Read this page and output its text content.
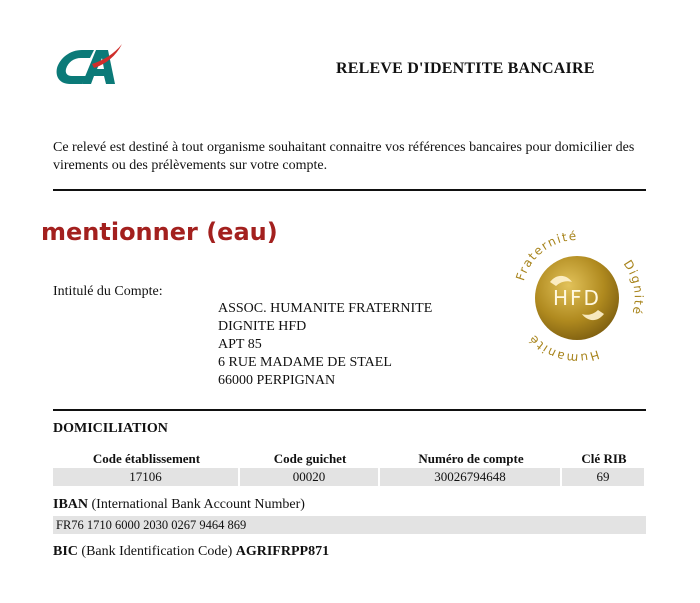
RELEVE D'IDENTITE BANCAIRE
Ce relevé est destiné à tout organisme souhaitant connaitre vos références bancaires pour domicilier des virements ou des prélèvements sur votre compte.
mentionner (eau)
Intitulé du Compte:
ASSOC. HUMANITE FRATERNITE
DIGNITE HFD
APT 85
6 RUE MADAME DE STAEL
66000 PERPIGNAN
HFD
Fraternité
Dignité
Humanité
DOMICILIATION
Code établissement	Code guichet	Numéro de compte	Clé RIB
17106	00020	30026794648	69
IBAN (International Bank Account Number)
FR76 1710 6000 2030 0267 9464 869
BIC (Bank Identification Code) AGRIFRPP871
